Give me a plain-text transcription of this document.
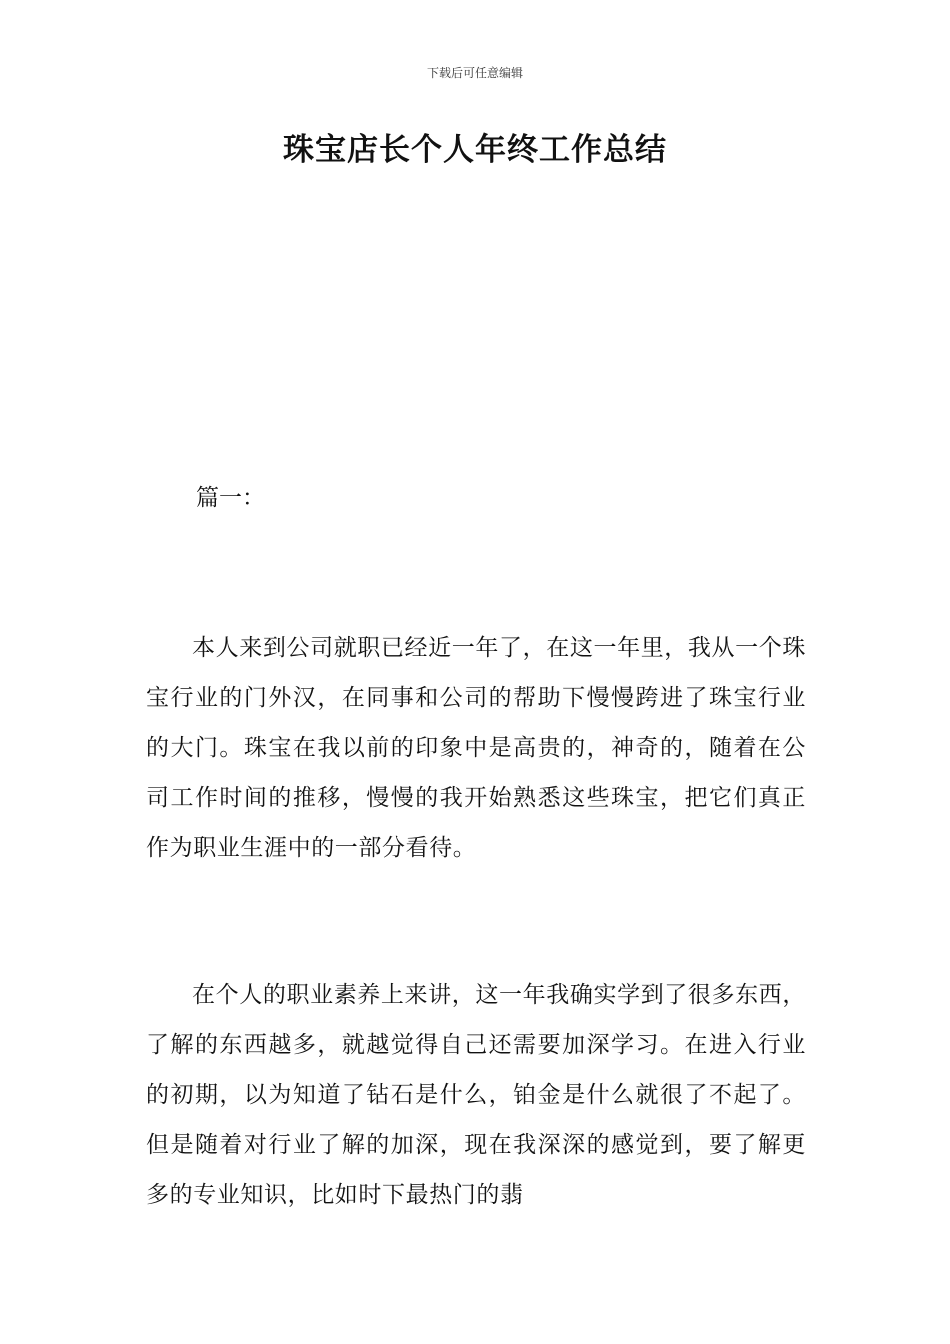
下载后可任意编辑
珠宝店长个人年终工作总结

篇一：

本人来到公司就职已经近一年了，在这一年里，我从一个珠宝行业的门外汉，在同事和公司的帮助下慢慢跨进了珠宝行业的大门。珠宝在我以前的印象中是高贵的，神奇的，随着在公司工作时间的推移，慢慢的我开始熟悉这些珠宝，把它们真正作为职业生涯中的一部分看待。

在个人的职业素养上来讲，这一年我确实学到了很多东西，了解的东西越多，就越觉得自己还需要加深学习。在进入行业的初期，以为知道了钻石是什么，铂金是什么就很了不起了。但是随着对行业了解的加深，现在我深深的感觉到，要了解更多的专业知识，比如时下最热门的翡
